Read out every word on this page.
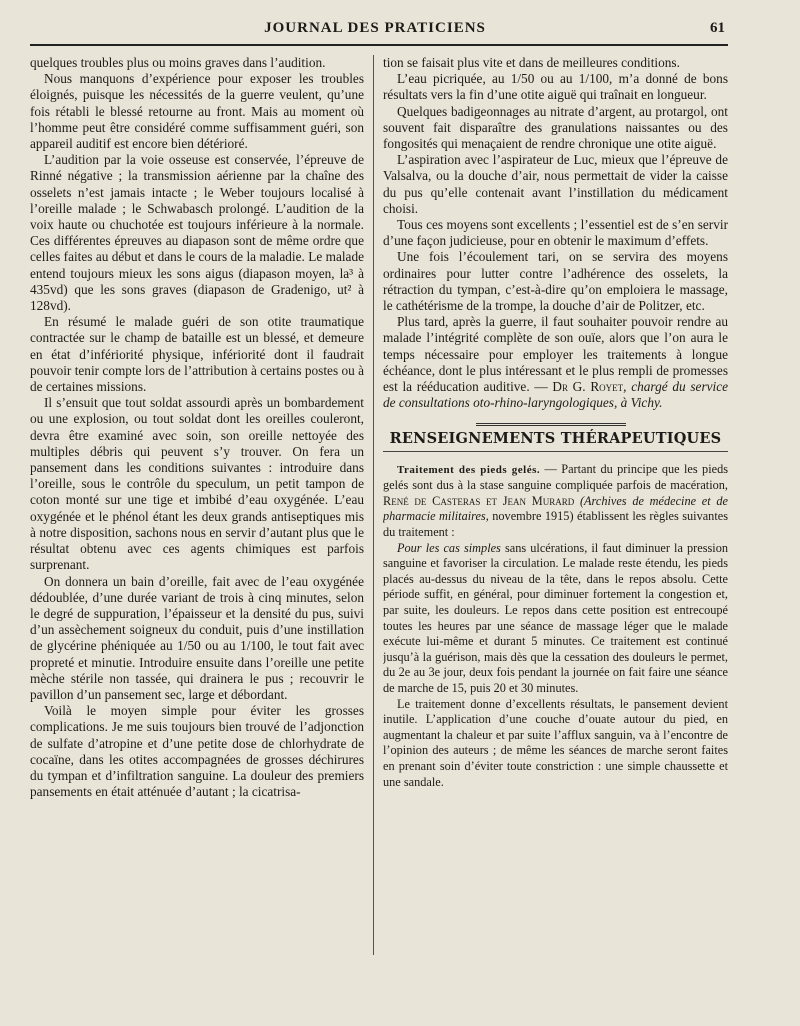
JOURNAL DES PRATICIENS	61

quelques troubles plus ou moins graves dans l’audition.

Nous manquons d’expérience pour exposer les troubles éloignés, puisque les nécessités de la guerre veulent, qu’une fois rétabli le blessé retourne au front. Mais au moment où l’homme peut être considéré comme suffisamment guéri, son appareil auditif est encore bien détérioré.

L’audition par la voie osseuse est conservée, l’épreuve de Rinné négative ; la transmission aérienne par la chaîne des osselets n’est jamais intacte ; le Weber toujours localisé à l’oreille malade ; le Schwabasch prolongé. L’audition de la voix haute ou chuchotée est toujours inférieure à la normale. Ces différentes épreuves au diapason sont de même ordre que celles faites au début et dans le cours de la maladie. Le malade entend toujours mieux les sons aigus (diapason moyen, la³ à 435vd) que les sons graves (diapason de Gradenigo, ut² à 128vd).

En résumé le malade guéri de son otite traumatique contractée sur le champ de bataille est un blessé, et demeure en état d’infériorité physique, infériorité dont il faudrait pouvoir tenir compte lors de l’attribution à certains postes ou à de certaines missions.

Il s’ensuit que tout soldat assourdi après un bombardement ou une explosion, ou tout soldat dont les oreilles couleront, devra être examiné avec soin, son oreille nettoyée des multiples débris qui peuvent s’y trouver. On fera un pansement dans les conditions suivantes : introduire dans l’oreille, sous le contrôle du speculum, un petit tampon de coton monté sur une tige et imbibé d’eau oxygénée. L’eau oxygénée et le phénol étant les deux grands antiseptiques mis à notre disposition, sachons nous en servir d’autant plus que le résultat obtenu avec ces agents chimiques est parfois surprenant.

On donnera un bain d’oreille, fait avec de l’eau oxygénée dédoublée, d’une durée variant de trois à cinq minutes, selon le degré de suppuration, l’épaisseur et la densité du pus, suivi d’un assèchement soigneux du conduit, puis d’une instillation de glycérine phéniquée au 1/50 ou au 1/100, le tout fait avec propreté et minutie. Introduire ensuite dans l’oreille une petite mèche stérile non tassée, qui drainera le pus ; recouvrir le pavillon d’un pansement sec, large et débordant.

Voilà le moyen simple pour éviter les grosses complications. Je me suis toujours bien trouvé de l’adjonction de sulfate d’atropine et d’une petite dose de chlorhydrate de cocaïne, dans les otites accompagnées de grosses déchirures du tympan et d’infiltration sanguine. La douleur des premiers pansements en était atténuée d’autant ; la cicatrisa-

tion se faisait plus vite et dans de meilleures conditions.

L’eau picriquée, au 1/50 ou au 1/100, m’a donné de bons résultats vers la fin d’une otite aiguë qui traînait en longueur.

Quelques badigeonnages au nitrate d’argent, au protargol, ont souvent fait disparaître des granulations naissantes ou des fongosités qui menaçaient de rendre chronique une otite aiguë.

L’aspiration avec l’aspirateur de Luc, mieux que l’épreuve de Valsalva, ou la douche d’air, nous permettait de vider la caisse du pus qu’elle contenait avant l’instillation du médicament choisi.

Tous ces moyens sont excellents ; l’essentiel est de s’en servir d’une façon judicieuse, pour en obtenir le maximum d’effets.

Une fois l’écoulement tari, on se servira des moyens ordinaires pour lutter contre l’adhérence des osselets, la rétraction du tympan, c’est-à-dire qu’on emploiera le massage, le cathétérisme de la trompe, la douche d’air de Politzer, etc.

Plus tard, après la guerre, il faut souhaiter pouvoir rendre au malade l’intégrité complète de son ouïe, alors que l’on aura le temps nécessaire pour employer les traitements à longue échéance, dont le plus intéressant et le plus rempli de promesses est la rééducation auditive. — Dr G. Royet, chargé du service de consultations oto-rhino-laryngologiques, à Vichy.

RENSEIGNEMENTS THÉRAPEUTIQUES

Traitement des pieds gelés. — Partant du principe que les pieds gelés sont dus à la stase sanguine compliquée parfois de macération, René de Casteras et Jean Murard (Archives de médecine et de pharmacie militaires, novembre 1915) établissent les règles suivantes du traitement :

Pour les cas simples sans ulcérations, il faut diminuer la pression sanguine et favoriser la circulation. Le malade reste étendu, les pieds placés au-dessus du niveau de la tête, dans le repos absolu. Cette période suffit, en général, pour diminuer fortement la congestion et, par suite, les douleurs. Le repos dans cette position est entrecoupé toutes les heures par une séance de massage léger que le malade exécute lui-même et durant 5 minutes. Ce traitement est continué jusqu’à la guérison, mais dès que la cessation des douleurs le permet, du 2e au 3e jour, deux fois pendant la journée on fait faire une séance de marche de 15, puis 20 et 30 minutes.

Le traitement donne d’excellents résultats, le pansement devient inutile. L’application d’une couche d’ouate autour du pied, en augmentant la chaleur et par suite l’afflux sanguin, va à l’encontre de l’opinion des auteurs ; de même les séances de marche seront faites en prenant soin d’éviter toute constriction : une simple chaussette et une sandale.
